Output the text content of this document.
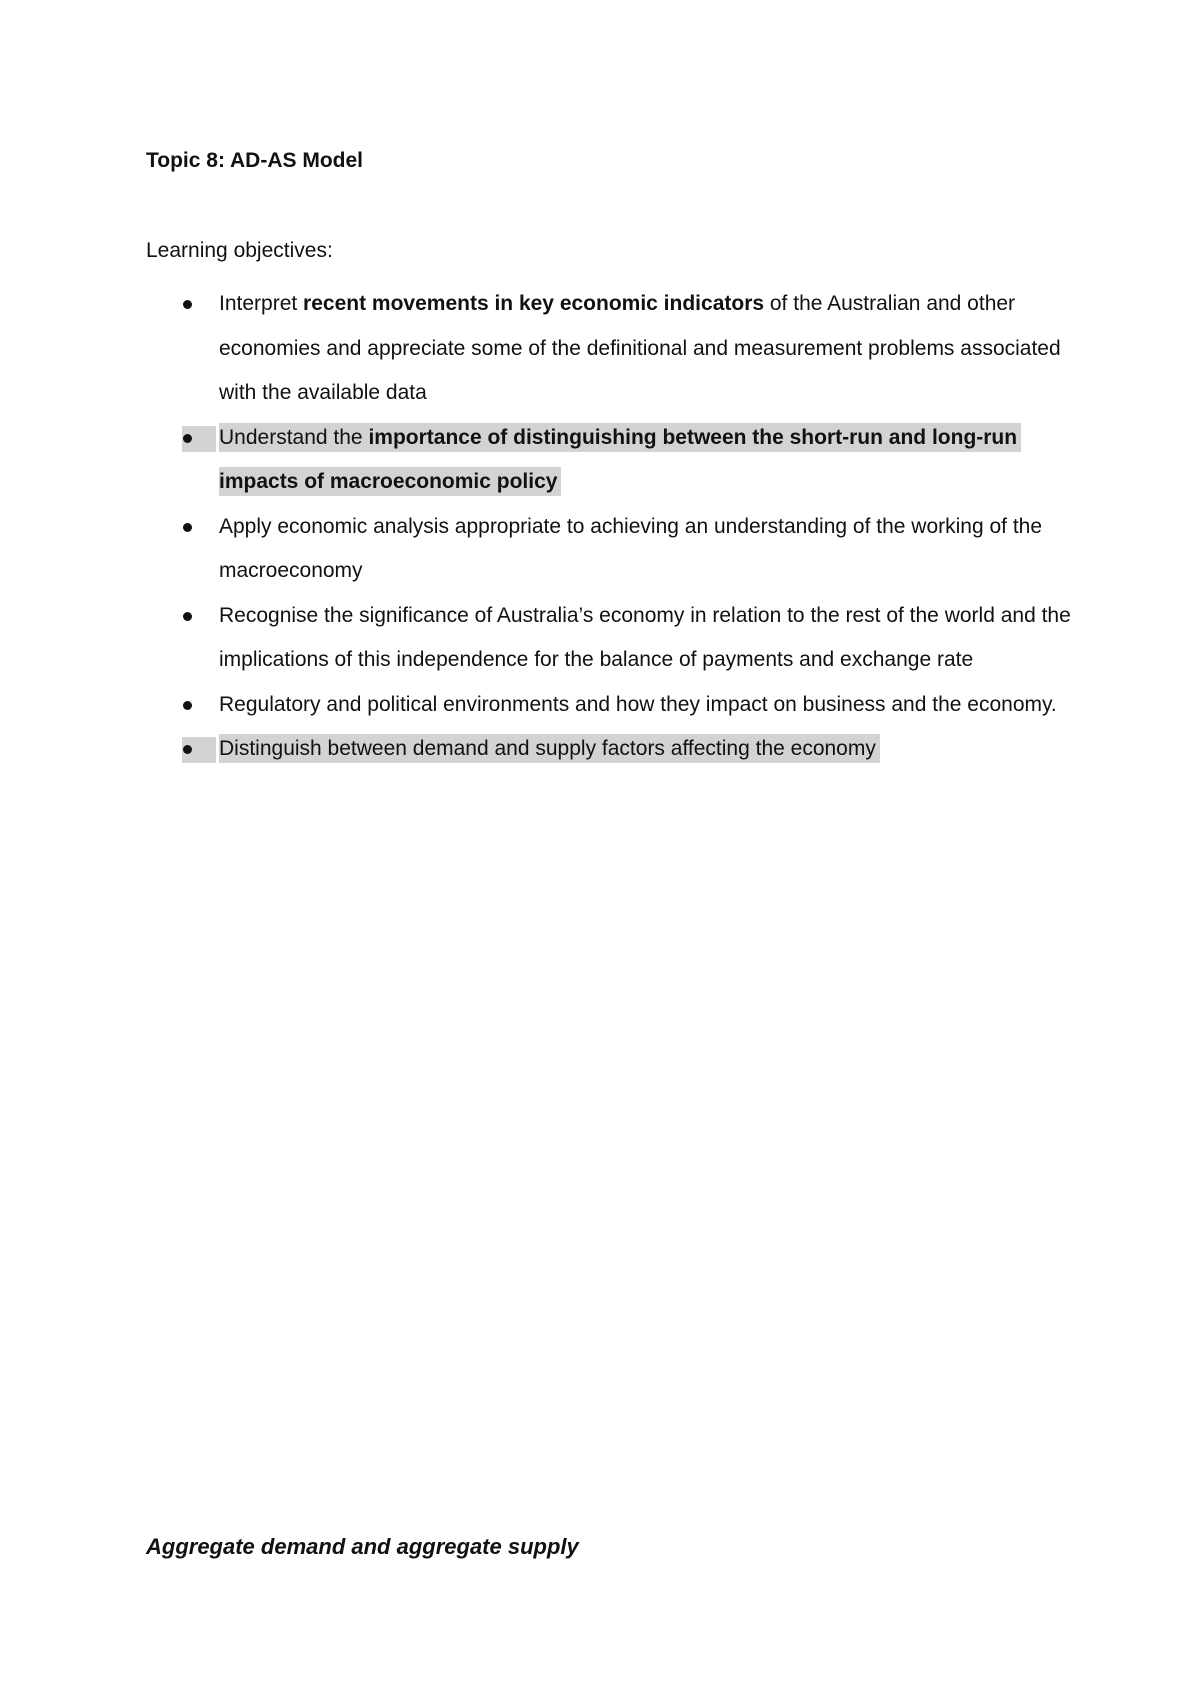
Topic 8: AD-AS Model
Learning objectives:
Interpret recent movements in key economic indicators of the Australian and other economies and appreciate some of the definitional and measurement problems associated with the available data
Understand the importance of distinguishing between the short-run and long-run impacts of macroeconomic policy
Apply economic analysis appropriate to achieving an understanding of the working of the macroeconomy
Recognise the significance of Australia’s economy in relation to the rest of the world and the implications of this independence for the balance of payments and exchange rate
Regulatory and political environments and how they impact on business and the economy.
Distinguish between demand and supply factors affecting the economy
Aggregate demand and aggregate supply
